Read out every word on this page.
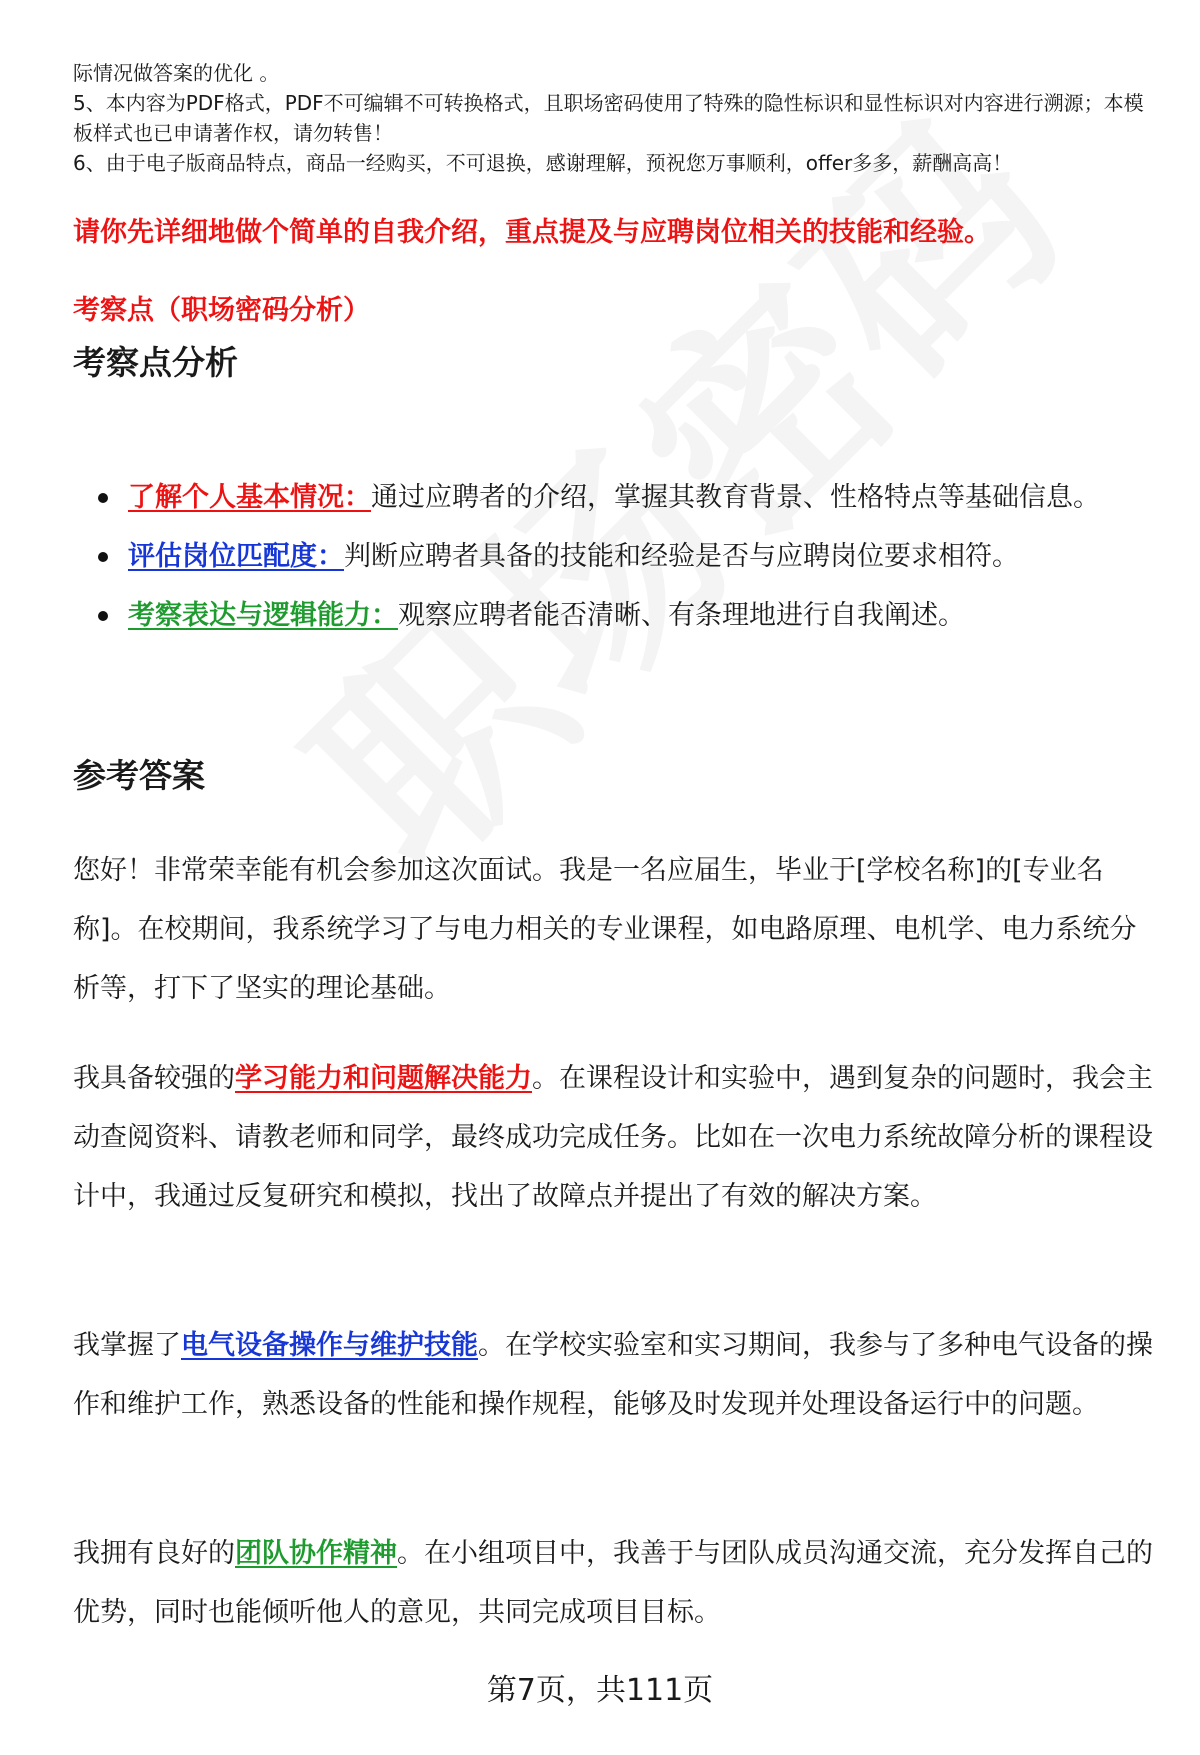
际情况做答案的优化 。

5、本内容为PDF格式，PDF不可编辑不可转换格式，且职场密码使用了特殊的隐性标识和显性标识对内容进行溯源；本模板样式也已申请著作权，请勿转售！

6、由于电子版商品特点，商品一经购买，不可退换，感谢理解，预祝您万事顺利，offer多多，薪酬高高！

请你先详细地做个简单的自我介绍，重点提及与应聘岗位相关的技能和经验。
考察点（职场密码分析）
考察点分析
了解个人基本情况：通过应聘者的介绍，掌握其教育背景、性格特点等基础信息。
评估岗位匹配度：判断应聘者具备的技能和经验是否与应聘岗位要求相符。
考察表达与逻辑能力：观察应聘者能否清晰、有条理地进行自我阐述。
参考答案

您好！非常荣幸能有机会参加这次面试。我是一名应届生，毕业于[学校名称]的[专业名称]。在校期间，我系统学习了与电力相关的专业课程，如电路原理、电机学、电力系统分析等，打下了坚实的理论基础。

我具备较强的学习能力和问题解决能力。在课程设计和实验中，遇到复杂的问题时，我会主动查阅资料、请教老师和同学，最终成功完成任务。比如在一次电力系统故障分析的课程设计中，我通过反复研究和模拟，找出了故障点并提出了有效的解决方案。

我掌握了电气设备操作与维护技能。在学校实验室和实习期间，我参与了多种电气设备的操作和维护工作，熟悉设备的性能和操作规程，能够及时发现并处理设备运行中的问题。

我拥有良好的团队协作精神。在小组项目中，我善于与团队成员沟通交流，充分发挥自己的优势，同时也能倾听他人的意见，共同完成项目目标。

第7页，共111页
